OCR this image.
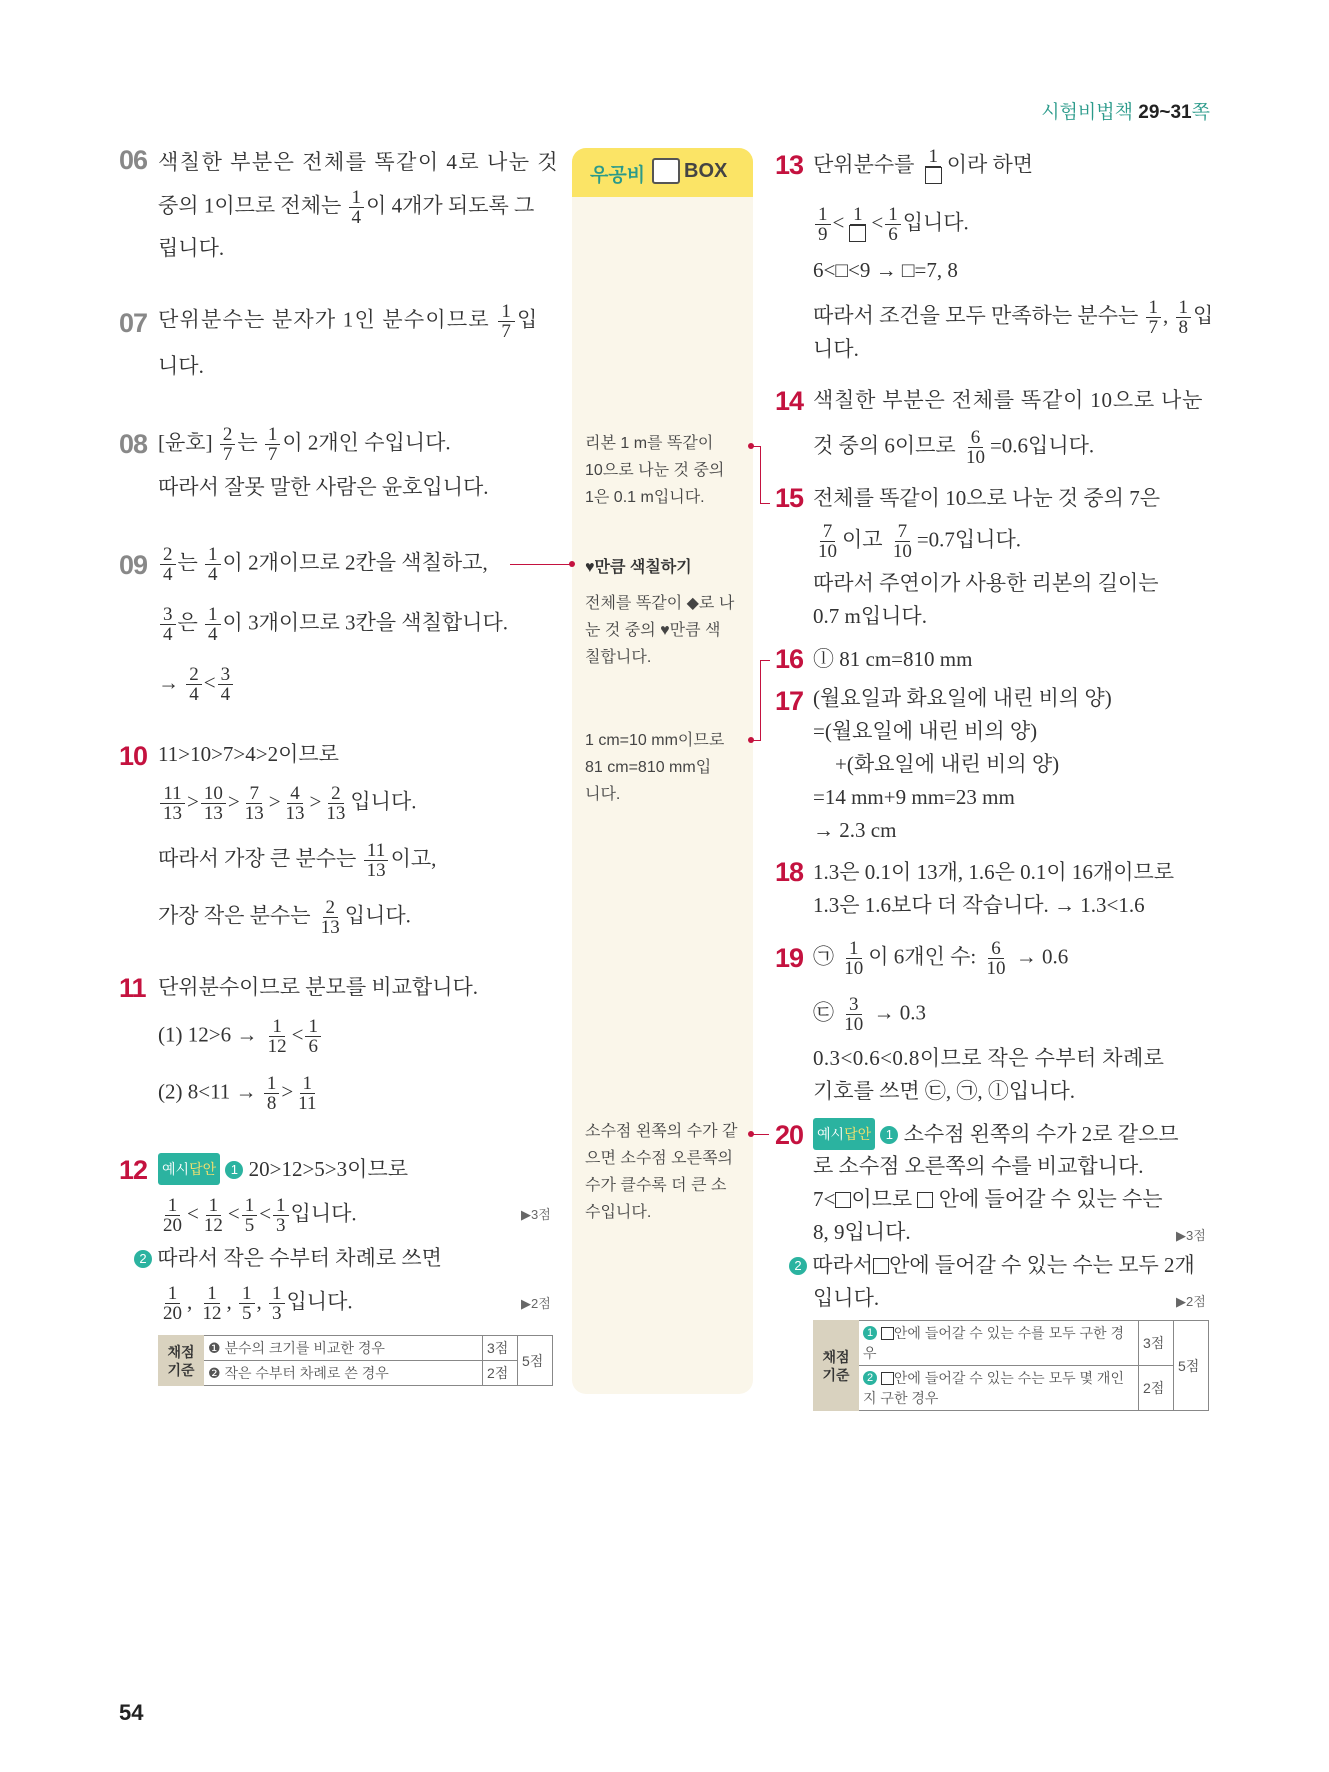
시험비법책 29~31쪽
우공비 BOX
리본 1 m를 똑같이
10으로 나눈 것 중의
1은 0.1 m입니다.
♥만큼 색칠하기
전체를 똑같이 ◆로 나
눈 것 중의 ♥만큼 색
칠합니다.
1 cm=10 mm이므로
81 cm=810 mm입
니다.
소수점 왼쪽의 수가 같
으면 소수점 오른쪽의
수가 클수록 더 큰 소
수입니다.
06 색칠한 부분은 전체를 똑같이 4로 나눈 것
중의 1이므로 전체는 $\frac{1}{4}$ 이 4개가 되도록 그
립니다.
07 단위분수는 분자가 1인 분수이므로 $\frac{1}{7}$ 입
니다.
08 [윤호] $\frac{2}{7}$ 는 $\frac{1}{7}$ 이 2개인 수입니다.
따라서 잘못 말한 사람은 윤호입니다.
$09 \frac{2}{4}$ 는 $\frac{1}{4}$ 이 2개이므로 2칸을 색칠하고,
$\frac{3}{4}$ 은 $\frac{1}{4}$ 이 3개이므로 3칸을 색칠합니다.
→ $\frac{2}{4} < \frac{3}{4}$
10 11>10>7>4>2이므로
$\frac{11}{13} > \frac{10}{13} > \frac{7}{13} > \frac{4}{13} > \frac{2}{13}$ 입니다.
따라서 가장 큰 분수는 $\frac{11}{13}$ 이고,
가장 작은 분수는 $\frac{2}{13}$ 입니다.
11 단위분수이므로 분모를 비교합니다.
(1) $12>6 \to \frac{1}{12} < \frac{1}{6}$
(2) $8<11 \to \frac{1}{8} > \frac{1}{11}$
12 예시답안 1 20>12>5>3이므로
$\frac{1}{20} < \frac{1}{12} < \frac{1}{5} < \frac{1}{3}$ 입니다.	▶3점
2 따라서 작은 수부터 차례로 쓰면
$\frac{1}{20}$ , $\frac{1}{12}$ , $\frac{1}{5}$ , $\frac{1}{3}$ 입니다.	▶2점
채점 기준	❶ 분수의 크기를 비교한 경우	3점	5점
	❷ 작은 수부터 차례로 쓴 경우	2점	
13 단위분수를 1 이라 하면
$\frac{1}{9} < 1 < \frac{1}{6}$ 입니다.
6<□<9 → □=7, 8
따라서 조건을 모두 만족하는 분수는 $\frac{1}{7}$ , $\frac{1}{8}$ 입
니다.
14 색칠한 부분은 전체를 똑같이 10으로 나눈
것 중의 6이므로 $\frac{6}{10} =0.6$입니다.
15 전체를 똑같이 10으로 나눈 것 중의 7은
$\frac{7}{10}$ 이고 $\frac{7}{10} =0.7$입니다.
따라서 주연이가 사용한 리본의 길이는
0.7 m입니다.
16 ⓛ 81 cm=810 mm
17 (월요일과 화요일에 내린 비의 양)
=(월요일에 내린 비의 양)
+(화요일에 내린 비의 양)
=14 mm+9 mm=23 mm
→ 2.3 cm
18 1.3은 0.1이 13개, 1.6은 0.1이 16개이므로
1.3은 1.6보다 더 작습니다. → 1.3<1.6
19 ㉠ $\frac{1}{10}$ 이 6개인 수: $\frac{6}{10} \to 0.6$
㉢ $\frac{3}{10} \to 0.3$
0.3<0.6<0.8이므로 작은 수부터 차례로
기호를 쓰면 ㉢, ㉠, ⓛ입니다.
20 예시답안 1 소수점 왼쪽의 수가 2로 같으므
로 소수점 오른쪽의 수를 비교합니다.
7< 이므로 안에 들어갈 수 있는 수는
8, 9입니다.	▶3점
2 따라서 안에 들어갈 수 있는 수는 모두 2개
입니다.	▶2점
채점 기준	1 안에 들어갈 수 있는 수를 모두 구한 경우	3점	5점
	2 안에 들어갈 수 있는 수는 모두 몇 개인지 구한 경우	2점	
54
